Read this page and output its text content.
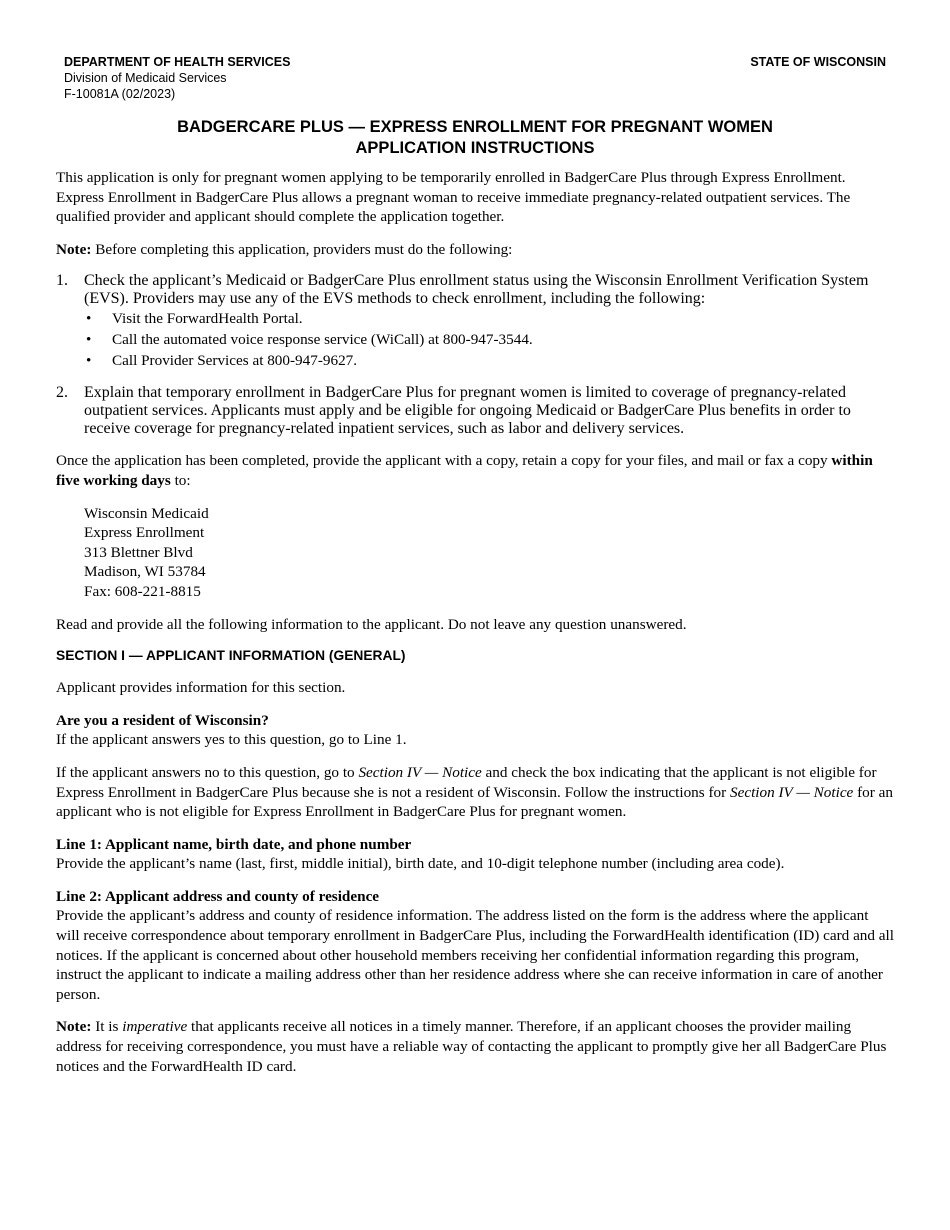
DEPARTMENT OF HEALTH SERVICES
Division of Medicaid Services
F-10081A (02/2023)
STATE OF WISCONSIN
BADGERCARE PLUS — EXPRESS ENROLLMENT FOR PREGNANT WOMEN
APPLICATION INSTRUCTIONS

This application is only for pregnant women applying to be temporarily enrolled in BadgerCare Plus through Express Enrollment. Express Enrollment in BadgerCare Plus allows a pregnant woman to receive immediate pregnancy-related outpatient services. The qualified provider and applicant should complete the application together.

Note: Before completing this application, providers must do the following:

1. Check the applicant’s Medicaid or BadgerCare Plus enrollment status using the Wisconsin Enrollment Verification System (EVS). Providers may use any of the EVS methods to check enrollment, including the following:
• Visit the ForwardHealth Portal.
• Call the automated voice response service (WiCall) at 800-947-3544.
• Call Provider Services at 800-947-9627.
2. Explain that temporary enrollment in BadgerCare Plus for pregnant women is limited to coverage of pregnancy-related outpatient services. Applicants must apply and be eligible for ongoing Medicaid or BadgerCare Plus benefits in order to receive coverage for pregnancy-related inpatient services, such as labor and delivery services.

Once the application has been completed, provide the applicant with a copy, retain a copy for your files, and mail or fax a copy within five working days to:

Wisconsin Medicaid
Express Enrollment
313 Blettner Blvd
Madison, WI 53784
Fax: 608-221-8815

Read and provide all the following information to the applicant. Do not leave any question unanswered.

SECTION I — APPLICANT INFORMATION (GENERAL)

Applicant provides information for this section.

Are you a resident of Wisconsin?
If the applicant answers yes to this question, go to Line 1.

If the applicant answers no to this question, go to Section IV — Notice and check the box indicating that the applicant is not eligible for Express Enrollment in BadgerCare Plus because she is not a resident of Wisconsin. Follow the instructions for Section IV — Notice for an applicant who is not eligible for Express Enrollment in BadgerCare Plus for pregnant women.

Line 1: Applicant name, birth date, and phone number
Provide the applicant’s name (last, first, middle initial), birth date, and 10-digit telephone number (including area code).
Line 2: Applicant address and county of residence
Provide the applicant’s address and county of residence information. The address listed on the form is the address where the applicant will receive correspondence about temporary enrollment in BadgerCare Plus, including the ForwardHealth identification (ID) card and all notices. If the applicant is concerned about other household members receiving her confidential information regarding this program, instruct the applicant to indicate a mailing address other than her residence address where she can receive information in care of another person.

Note: It is imperative that applicants receive all notices in a timely manner. Therefore, if an applicant chooses the provider mailing address for receiving correspondence, you must have a reliable way of contacting the applicant to promptly give her all BadgerCare Plus notices and the ForwardHealth ID card.
